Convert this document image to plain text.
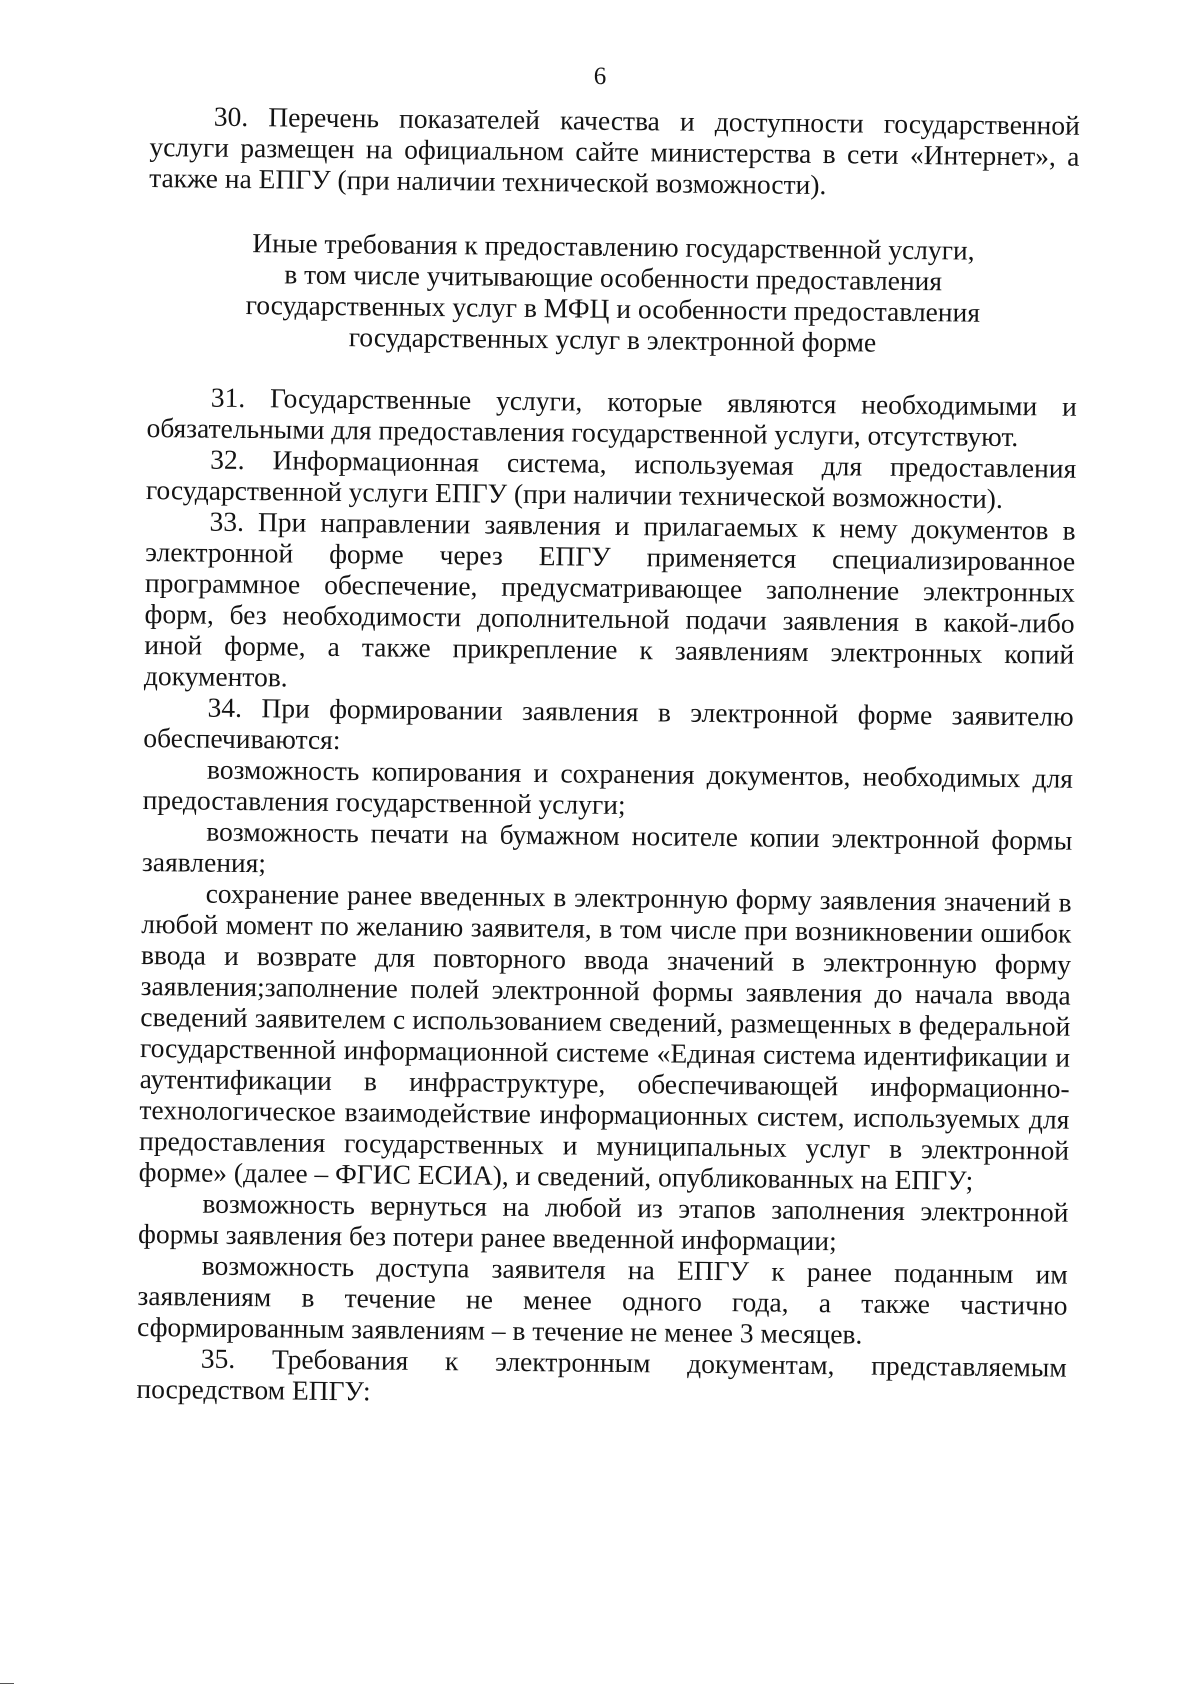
6

30. Перечень показателей качества и доступности государственной услуги размещен на официальном сайте министерства в сети «Интернет», а также на ЕПГУ (при наличии технической возможности).

Иные требования к предоставлению государственной услуги,
в том числе учитывающие особенности предоставления
государственных услуг в МФЦ и особенности предоставления
государственных услуг в электронной форме

31. Государственные услуги, которые являются необходимыми и обязательными для предоставления государственной услуги, отсутствуют.

32. Информационная система, используемая для предоставления государственной услуги ЕПГУ (при наличии технической возможности).

33. При направлении заявления и прилагаемых к нему документов в электронной форме через ЕПГУ применяется специализированное программное обеспечение, предусматривающее заполнение электронных форм, без необходимости дополнительной подачи заявления в какой-либо иной форме, а также прикрепление к заявлениям электронных копий документов.

34. При формировании заявления в электронной форме заявителю обеспечиваются:

возможность копирования и сохранения документов, необходимых для предоставления государственной услуги;

возможность печати на бумажном носителе копии электронной формы заявления;

сохранение ранее введенных в электронную форму заявления значений в любой момент по желанию заявителя, в том числе при возникновении ошибок ввода и возврате для повторного ввода значений в электронную форму заявления;заполнение полей электронной формы заявления до начала ввода сведений заявителем с использованием сведений, размещенных в федеральной государственной информационной системе «Единая система идентификации и аутентификации в инфраструктуре, обеспечивающей информационно-технологическое взаимодействие информационных систем, используемых для предоставления государственных и муниципальных услуг в электронной форме» (далее – ФГИС ЕСИА), и сведений, опубликованных на ЕПГУ;

возможность вернуться на любой из этапов заполнения электронной формы заявления без потери ранее введенной информации;

возможность доступа заявителя на ЕПГУ к ранее поданным им заявлениям в течение не менее одного года, а также частично сформированным заявлениям – в течение не менее 3 месяцев.

35. Требования к электронным документам, представляемым посредством ЕПГУ:
